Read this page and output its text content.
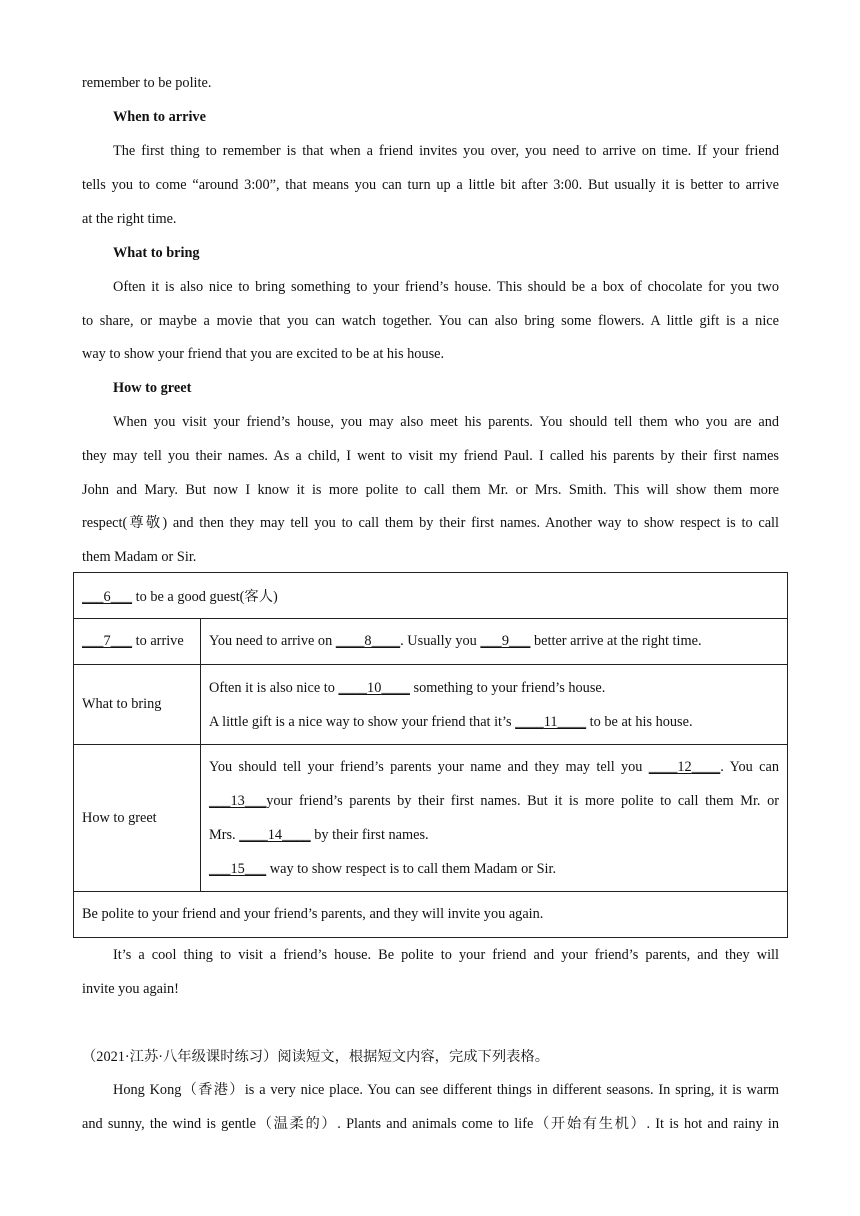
remember to be polite.
When to arrive
The first thing to remember is that when a friend invites you over, you need to arrive on time. If your friend
tells you to come “around 3:00”, that means you can turn up a little bit after 3:00. But usually it is better to arrive
at the right time.
What to bring
Often it is also nice to bring something to your friend’s house. This should be a box of chocolate for you two
to share, or maybe a movie that you can watch together. You can also bring some flowers. A little gift is a nice
way to show your friend that you are excited to be at his house.
How to greet
When you visit your friend’s house, you may also meet his parents. You should tell them who you are and
they may tell you their names. As a child, I went to visit my friend Paul. I called his parents by their first names
John and Mary. But now I know it is more polite to call them Mr. or Mrs. Smith. This will show them more
respect(尊敬) and then they may tell you to call them by their first names. Another way to show respect is to call
them Madam or Sir.
___6___ to be a good guest(客人)	
___7___ to arrive	You need to arrive on ____8____. Usually you ___9___ better arrive at the right time.
What to bring	Often it is also nice to ____10____ something to your friend’s house.
A little gift is a nice way to show your friend that it’s ____11____ to be at his house.

How to greet	You should tell your friend’s parents your name and they may tell you ____12____. You can
___13___your friend’s parents by their first names. But it is more polite to call them Mr. or
Mrs. ____14____ by their first names.
___15___ way to show respect is to call them Madam or Sir.

Be polite to your friend and your friend’s parents, and they will invite you again.	
It’s a cool thing to visit a friend’s house. Be polite to your friend and your friend’s parents, and they will
invite you again!
（2021·江苏·八年级课时练习）阅读短文，根据短文内容，完成下列表格。
Hong Kong（香港）is a very nice place. You can see different things in different seasons. In spring, it is warm
and sunny, the wind is gentle（温柔的）. Plants and animals come to life（开始有生机）. It is hot and rainy in
